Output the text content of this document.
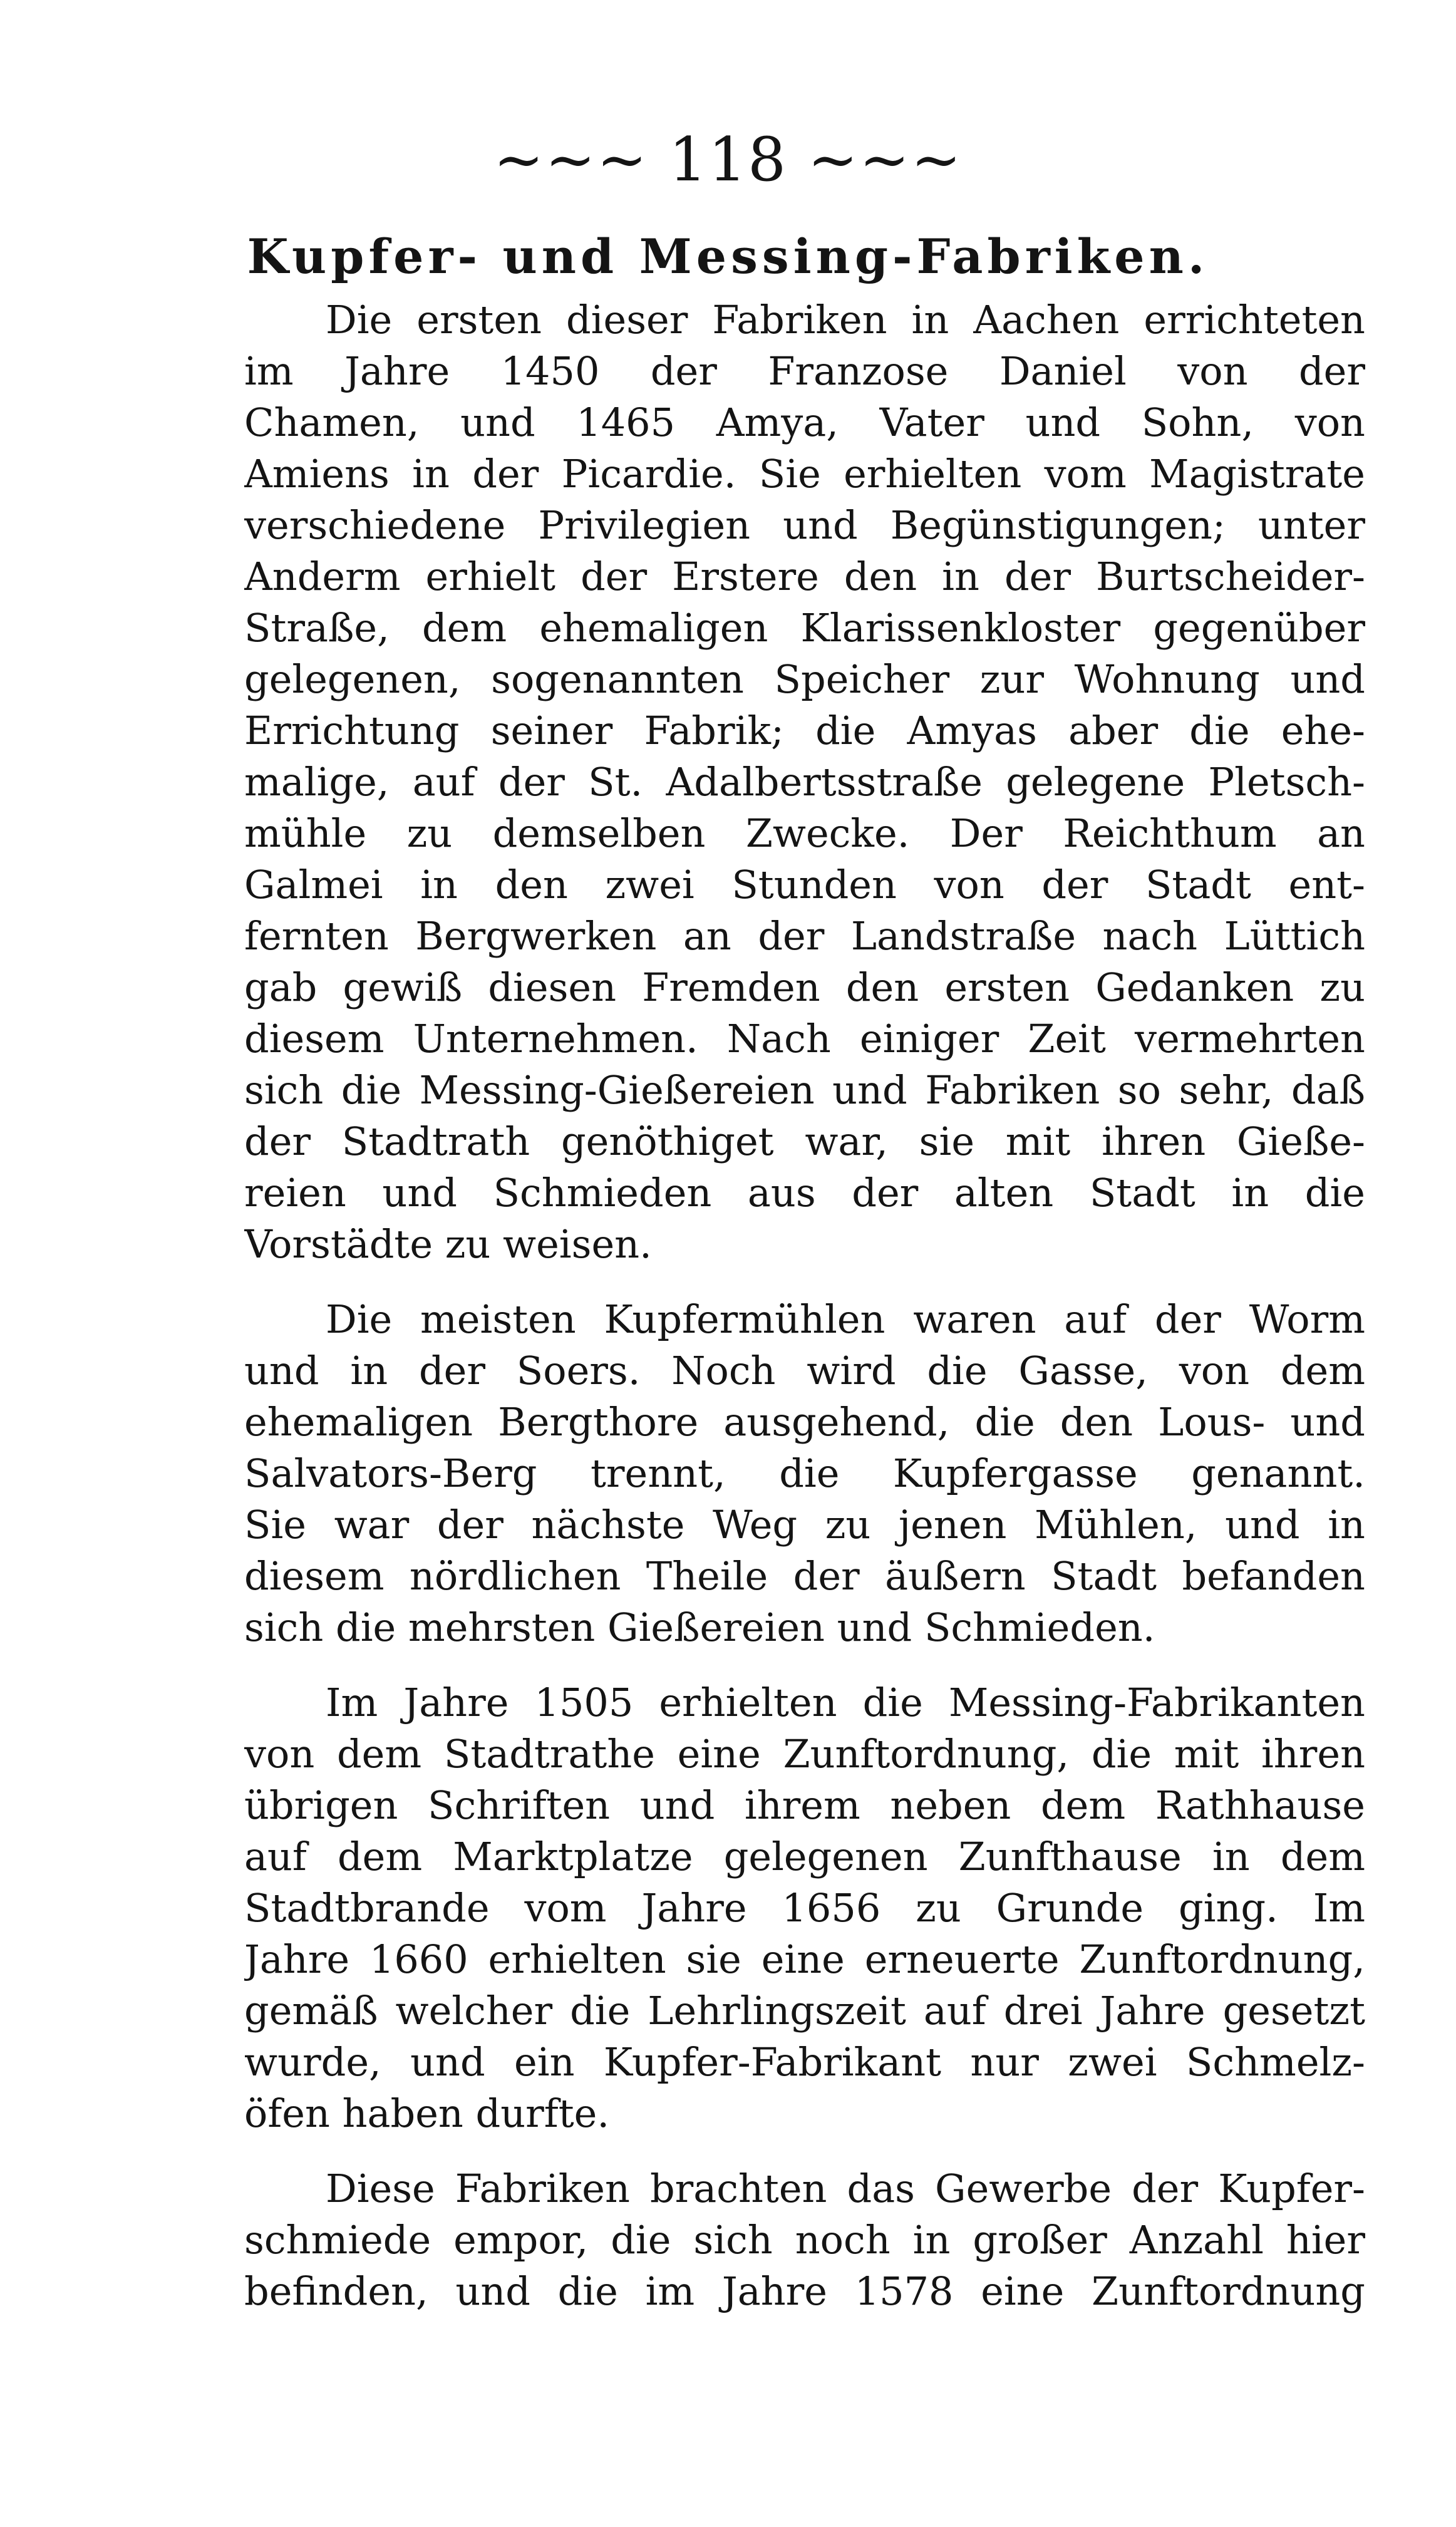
~~~ 118 ~~~
Kupfer- und Messing-Fabriken.
Die ersten dieser Fabriken in Aachen errichteten
im Jahre 1450 der Franzose Daniel von der
Chamen, und 1465 Amya, Vater und Sohn, von
Amiens in der Picardie. Sie erhielten vom Magistrate
verschiedene Privilegien und Begünstigungen; unter
Anderm erhielt der Erstere den in der Burtscheider-
Straße, dem ehemaligen Klarissenkloster gegenüber
gelegenen, sogenannten Speicher zur Wohnung und
Errichtung seiner Fabrik; die Amyas aber die ehe-
malige, auf der St. Adalbertsstraße gelegene Pletsch-
mühle zu demselben Zwecke. Der Reichthum an
Galmei in den zwei Stunden von der Stadt ent-
fernten Bergwerken an der Landstraße nach Lüttich
gab gewiß diesen Fremden den ersten Gedanken zu
diesem Unternehmen. Nach einiger Zeit vermehrten
sich die Messing-Gießereien und Fabriken so sehr, daß
der Stadtrath genöthiget war, sie mit ihren Gieße-
reien und Schmieden aus der alten Stadt in die
Vorstädte zu weisen.
Die meisten Kupfermühlen waren auf der Worm
und in der Soers. Noch wird die Gasse, von dem
ehemaligen Bergthore ausgehend, die den Lous- und
Salvators-Berg trennt, die Kupfergasse genannt.
Sie war der nächste Weg zu jenen Mühlen, und in
diesem nördlichen Theile der äußern Stadt befanden
sich die mehrsten Gießereien und Schmieden.
Im Jahre 1505 erhielten die Messing-Fabrikanten
von dem Stadtrathe eine Zunftordnung, die mit ihren
übrigen Schriften und ihrem neben dem Rathhause
auf dem Marktplatze gelegenen Zunfthause in dem
Stadtbrande vom Jahre 1656 zu Grunde ging. Im
Jahre 1660 erhielten sie eine erneuerte Zunftordnung,
gemäß welcher die Lehrlingszeit auf drei Jahre gesetzt
wurde, und ein Kupfer-Fabrikant nur zwei Schmelz-
öfen haben durfte.
Diese Fabriken brachten das Gewerbe der Kupfer-
schmiede empor, die sich noch in großer Anzahl hier
befinden, und die im Jahre 1578 eine Zunftordnung
